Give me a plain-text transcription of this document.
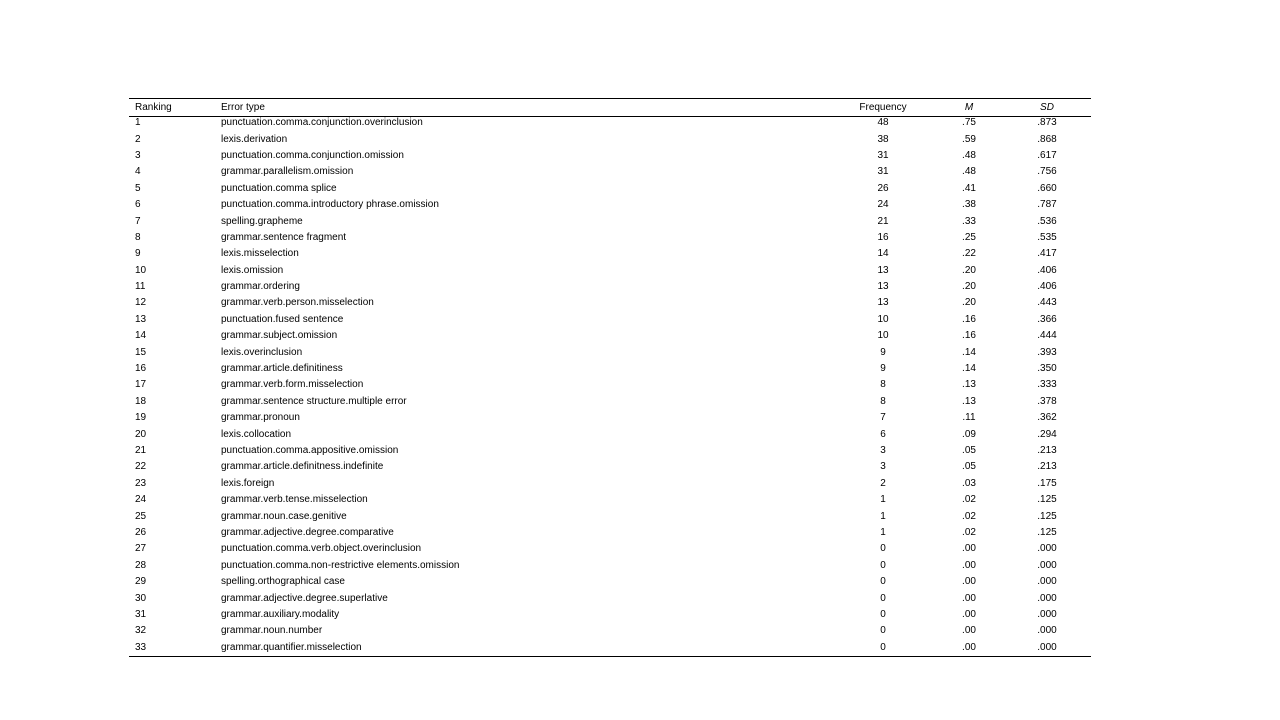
Ranking	Error type	Frequency	M	SD
1	punctuation.comma.conjunction.overinclusion	48	.75	.873
2	lexis.derivation	38	.59	.868
3	punctuation.comma.conjunction.omission	31	.48	.617
4	grammar.parallelism.omission	31	.48	.756
5	punctuation.comma splice	26	.41	.660
6	punctuation.comma.introductory phrase.omission	24	.38	.787
7	spelling.grapheme	21	.33	.536
8	grammar.sentence fragment	16	.25	.535
9	lexis.misselection	14	.22	.417
10	lexis.omission	13	.20	.406
11	grammar.ordering	13	.20	.406
12	grammar.verb.person.misselection	13	.20	.443
13	punctuation.fused sentence	10	.16	.366
14	grammar.subject.omission	10	.16	.444
15	lexis.overinclusion	9	.14	.393
16	grammar.article.definitiness	9	.14	.350
17	grammar.verb.form.misselection	8	.13	.333
18	grammar.sentence structure.multiple error	8	.13	.378
19	grammar.pronoun	7	.11	.362
20	lexis.collocation	6	.09	.294
21	punctuation.comma.appositive.omission	3	.05	.213
22	grammar.article.definitness.indefinite	3	.05	.213
23	lexis.foreign	2	.03	.175
24	grammar.verb.tense.misselection	1	.02	.125
25	grammar.noun.case.genitive	1	.02	.125
26	grammar.adjective.degree.comparative	1	.02	.125
27	punctuation.comma.verb.object.overinclusion	0	.00	.000
28	punctuation.comma.non-restrictive elements.omission	0	.00	.000
29	spelling.orthographical case	0	.00	.000
30	grammar.adjective.degree.superlative	0	.00	.000
31	grammar.auxiliary.modality	0	.00	.000
32	grammar.noun.number	0	.00	.000
33	grammar.quantifier.misselection	0	.00	.000
